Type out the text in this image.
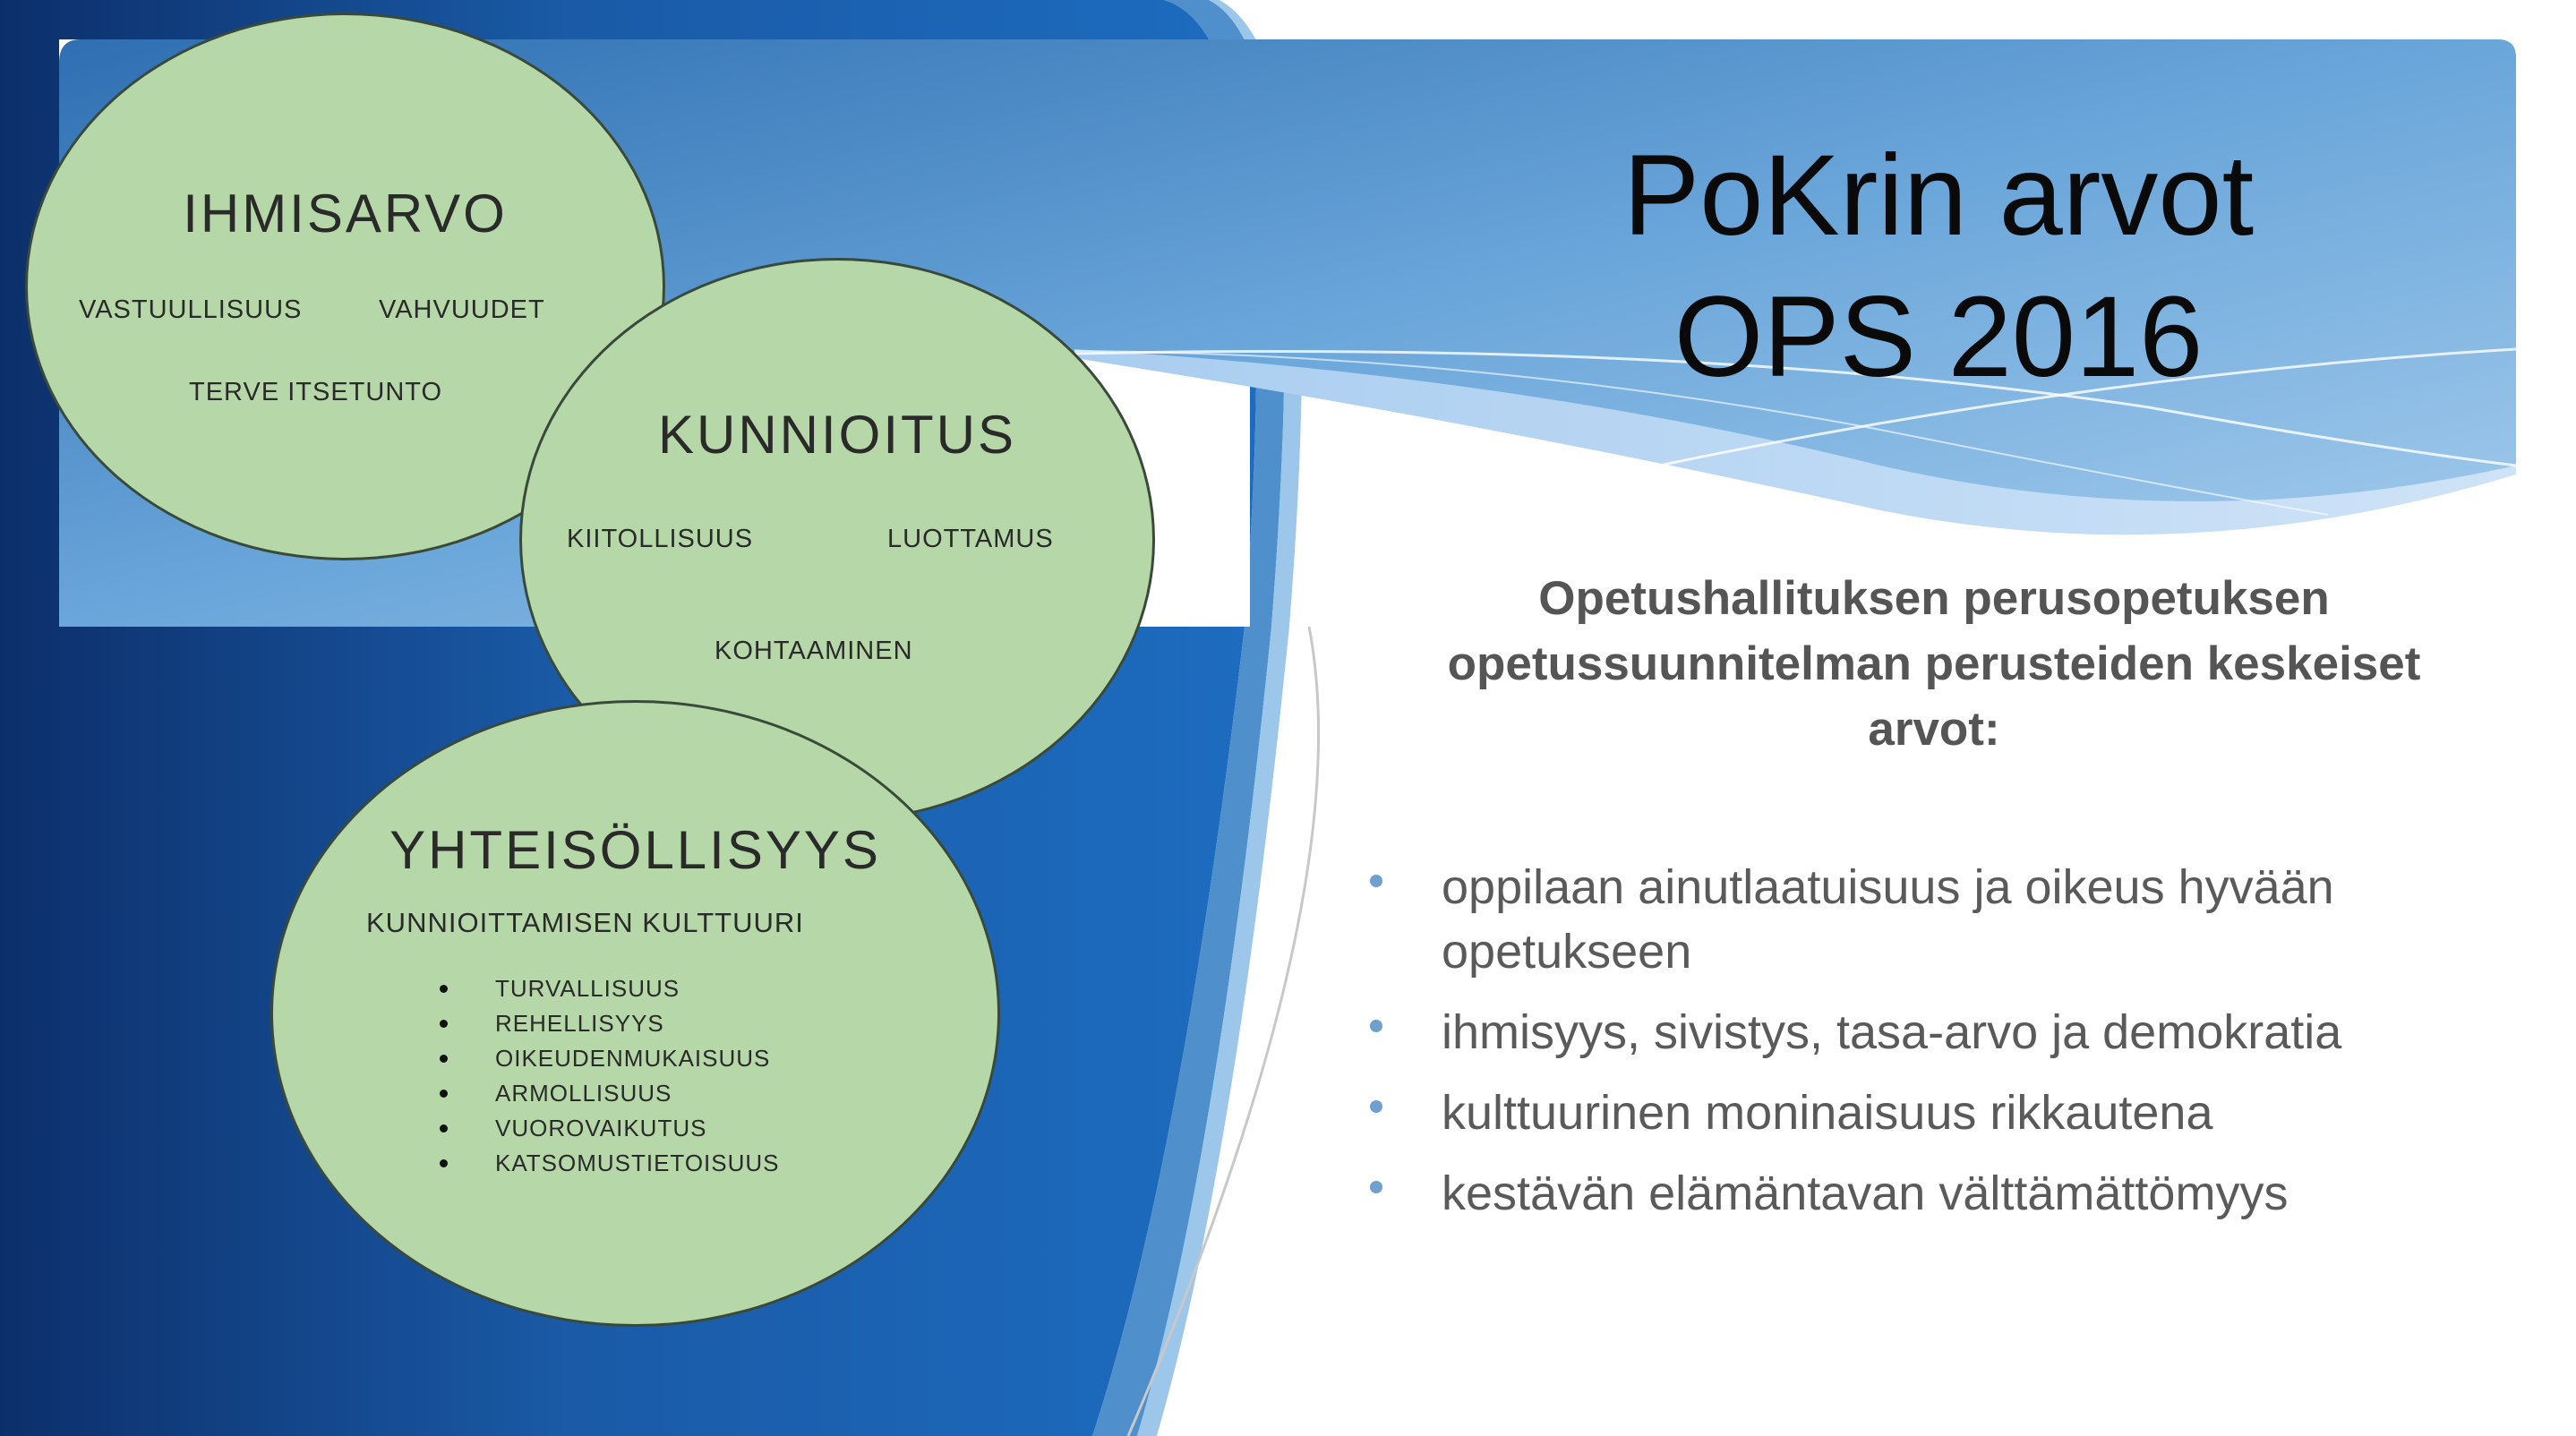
PoKrin arvot
OPS 2016
Opetushallituksen perusopetuksen opetussuunnitelman perusteiden keskeiset arvot:
oppilaan ainutlaatuisuus ja oikeus hyvään opetukseen
ihmisyys, sivistys, tasa-arvo ja demokratia
kulttuurinen moninaisuus rikkautena
kestävän elämäntavan välttämättömyys
IHMISARVO
VASTUULLISUUS	VAHVUUDET
TERVE ITSETUNTO
KUNNIOITUS
KIITOLLISUUS	LUOTTAMUS
KOHTAAMINEN
YHTEISÖLLISYYS
KUNNIOITTAMISEN KULTTUURI
TURVALLISUUS
REHELLISYYS
OIKEUDENMUKAISUUS
ARMOLLISUUS
VUOROVAIKUTUS
KATSOMUSTIETOISUUS
